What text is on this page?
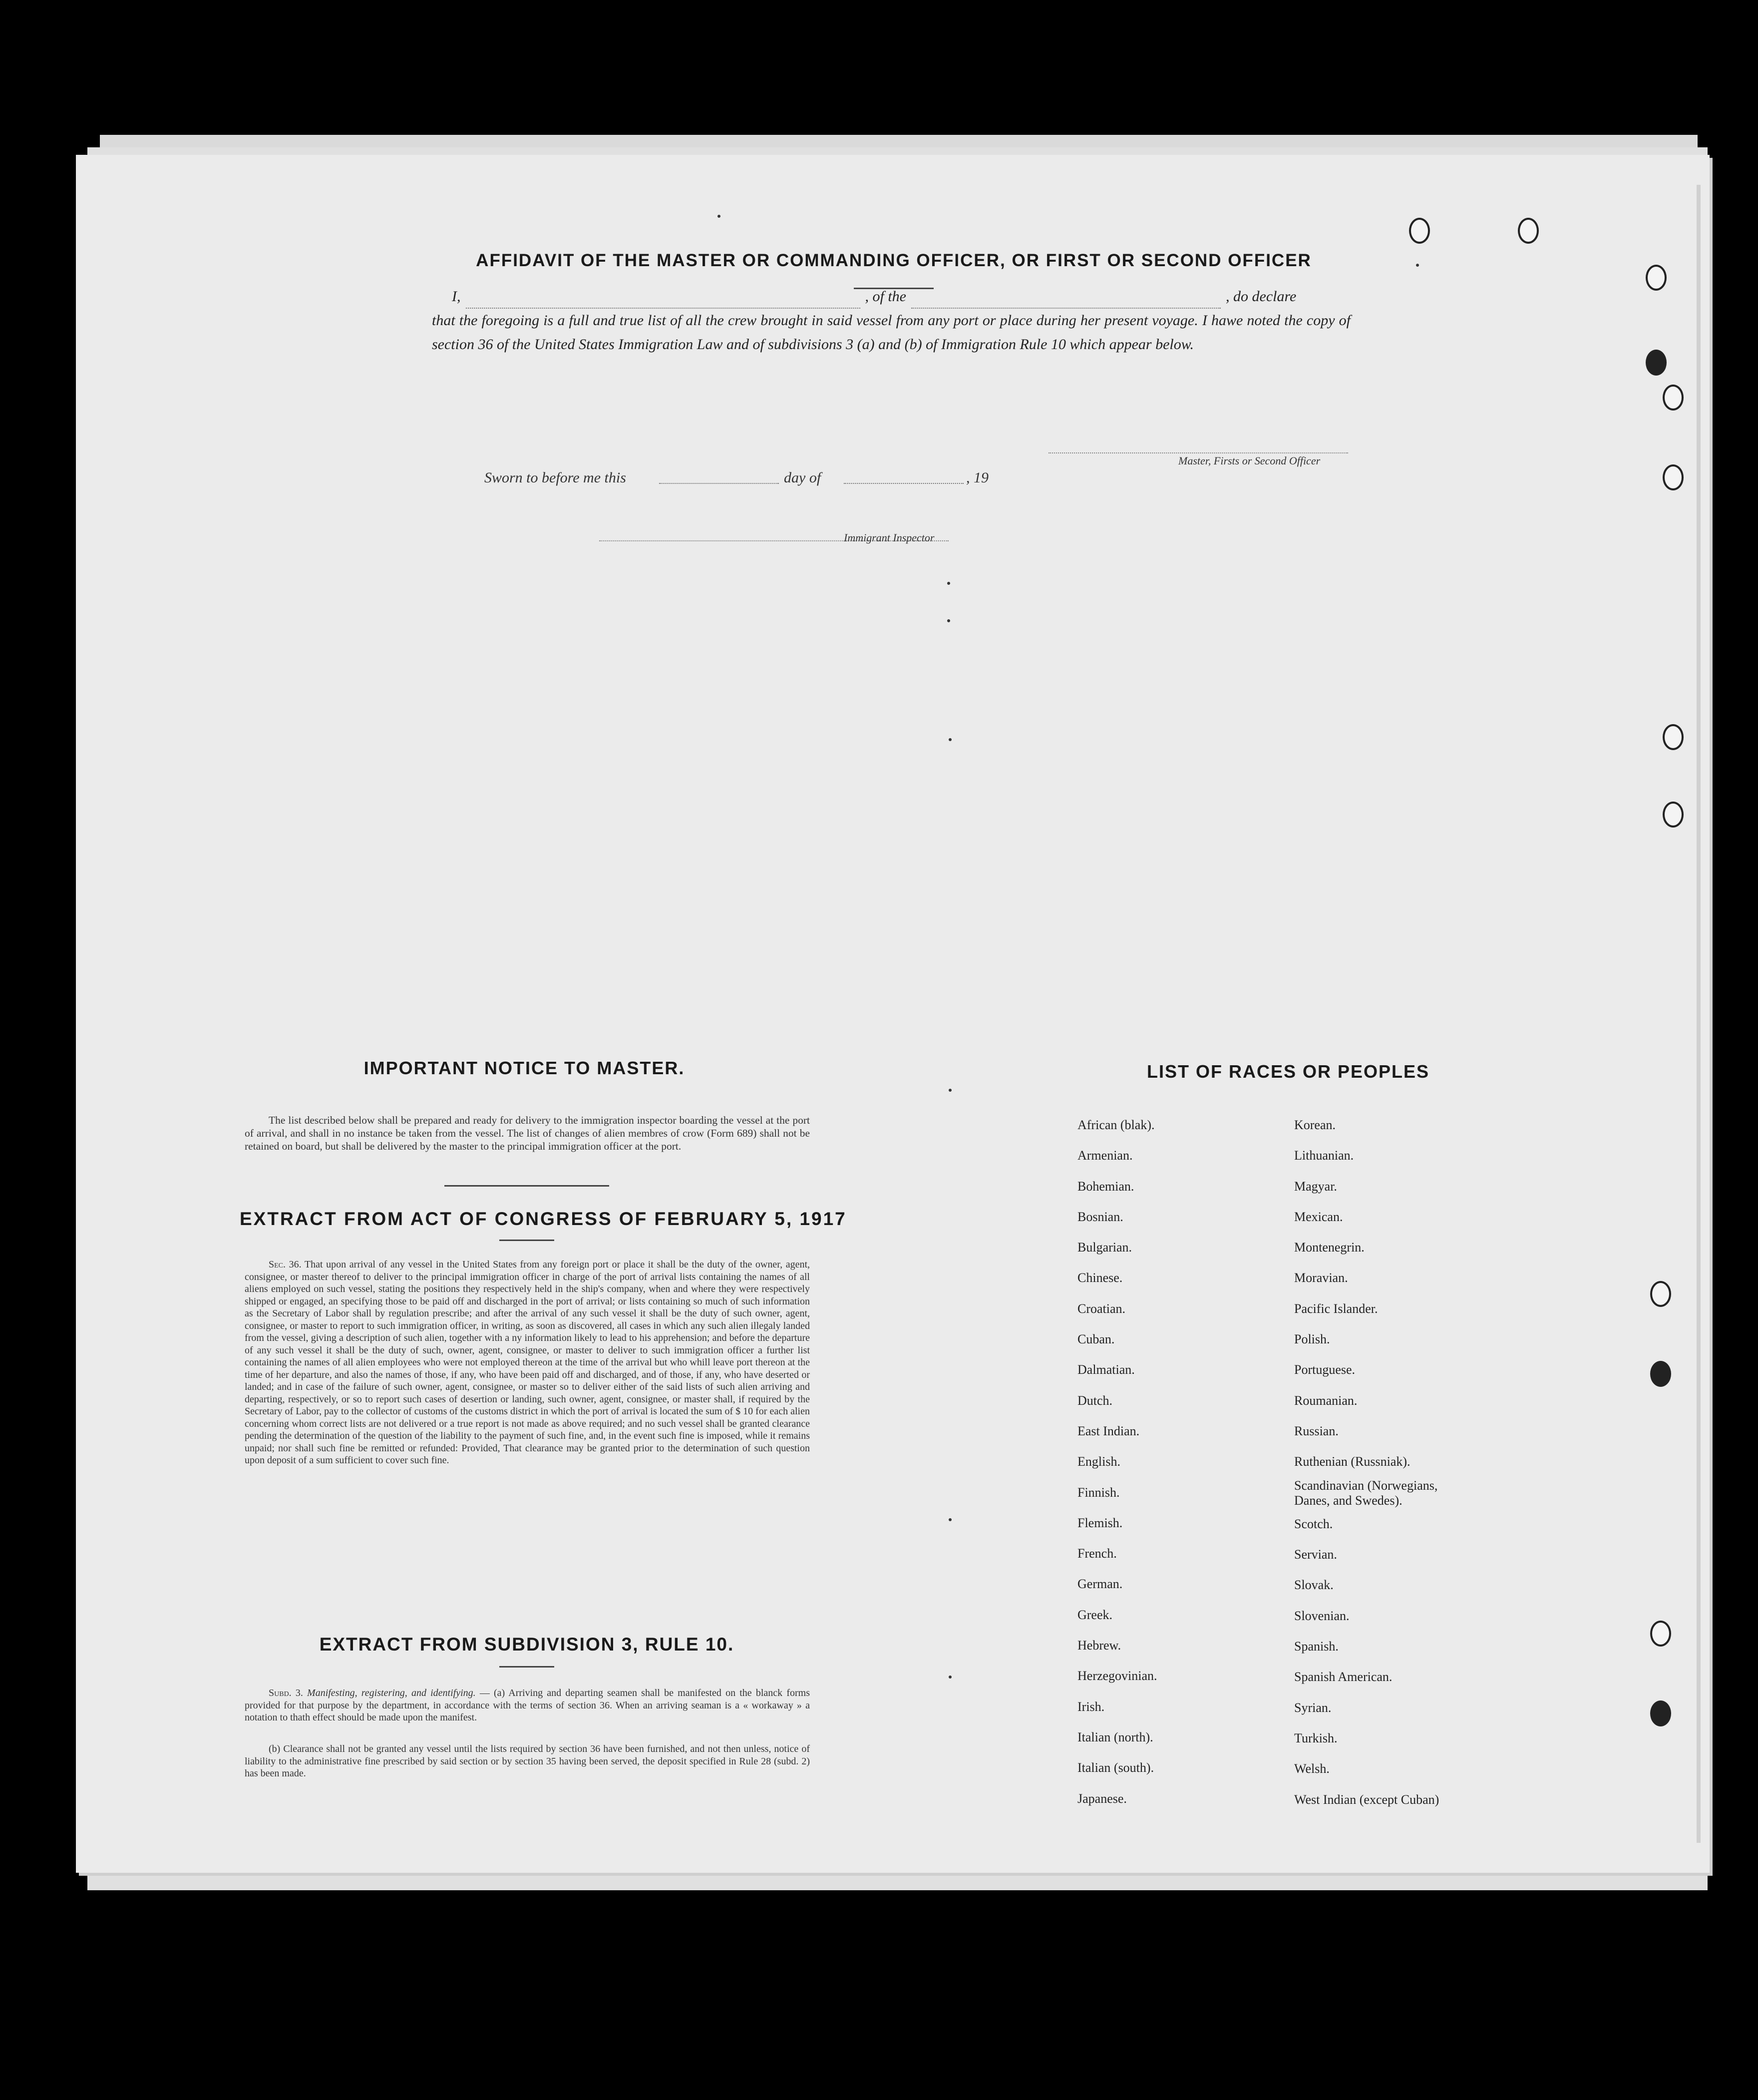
AFFIDAVIT OF THE MASTER OR COMMANDING OFFICER, OR FIRST OR SECOND OFFICER
I,	, of the	, do declare
that the foregoing is a full and true list of all the crew brought in said vessel from any port or place during her present voyage. I hawe noted the copy of section 36 of the United States Immigration Law and of subdivisions 3 (a) and (b) of Immigration Rule 10 which appear below.
Master, Firsts or Second Officer
Sworn to before me this	day of	, 19
Immigrant Inspector
IMPORTANT NOTICE TO MASTER.
The list described below shall be prepared and ready for delivery to the immigration inspector boarding the vessel at the port of arrival, and shall in no instance be taken from the vessel. The list of changes of alien membres of crow (Form 689) shall not be retained on board, but shall be delivered by the master to the principal immigration officer at the port.
EXTRACT FROM ACT OF CONGRESS OF FEBRUARY 5, 1917
Sec. 36. That upon arrival of any vessel in the United States from any foreign port or place it shall be the duty of the owner, agent, consignee, or master thereof to deliver to the principal immigration officer in charge of the port of arrival lists containing the names of all aliens employed on such vessel, stating the positions they respectively held in the ship's company, when and where they were respectively shipped or engaged, an specifying those to be paid off and discharged in the port of arrival; or lists containing so much of such information as the Secretary of Labor shall by regulation prescribe; and after the arrival of any such vessel it shall be the duty of such owner, agent, consignee, or master to report to such immigration officer, in writing, as soon as discovered, all cases in which any such alien illegaly landed from the vessel, giving a description of such alien, together with a ny information likely to lead to his apprehension; and before the departure of any such vessel it shall be the duty of such, owner, agent, consignee, or master to deliver to such immigration officer a further list containing the names of all alien employees who were not employed thereon at the time of the arrival but who whill leave port thereon at the time of her departure, and also the names of those, if any, who have been paid off and discharged, and of those, if any, who have deserted or landed; and in case of the failure of such owner, agent, consignee, or master so to deliver either of the said lists of such alien arriving and departing, respectively, or so to report such cases of desertion or landing, such owner, agent, consignee, or master shall, if required by the Secretary of Labor, pay to the collector of customs of the customs district in which the port of arrival is located the sum of $ 10 for each alien concerning whom correct lists are not delivered or a true report is not made as above required; and no such vessel shall be granted clearance pending the determination of the question of the liability to the payment of such fine, and, in the event such fine is imposed, while it remains unpaid; nor shall such fine be remitted or refunded: Provided, That clearance may be granted prior to the determination of such question upon deposit of a sum sufficient to cover such fine.
EXTRACT FROM SUBDIVISION 3, RULE 10.
Subd. 3. Manifesting, registering, and identifying. — (a) Arriving and departing seamen shall be manifested on the blanck forms provided for that purpose by the department, in accordance with the terms of section 36. When an arriving seaman is a « workaway » a notation to thath effect should be made upon the manifest.
(b) Clearance shall not be granted any vessel until the lists required by section 36 have been furnished, and not then unless, notice of liability to the administrative fine prescribed by said section or by section 35 having been served, the deposit specified in Rule 28 (subd. 2) has been made.
LIST OF RACES OR PEOPLES
African (blak).
Armenian.
Bohemian.
Bosnian.
Bulgarian.
Chinese.
Croatian.
Cuban.
Dalmatian.
Dutch.
East Indian.
English.
Finnish.
Flemish.
French.
German.
Greek.
Hebrew.
Herzegovinian.
Irish.
Italian (north).
Italian (south).
Japanese.
Korean.
Lithuanian.
Magyar.
Mexican.
Montenegrin.
Moravian.
Pacific Islander.
Polish.
Portuguese.
Roumanian.
Russian.
Ruthenian (Russniak).
Scandinavian (Norwegians,
Danes, and Swedes).
Scotch.
Servian.
Slovak.
Slovenian.
Spanish.
Spanish American.
Syrian.
Turkish.
Welsh.
West Indian (except Cuban)
